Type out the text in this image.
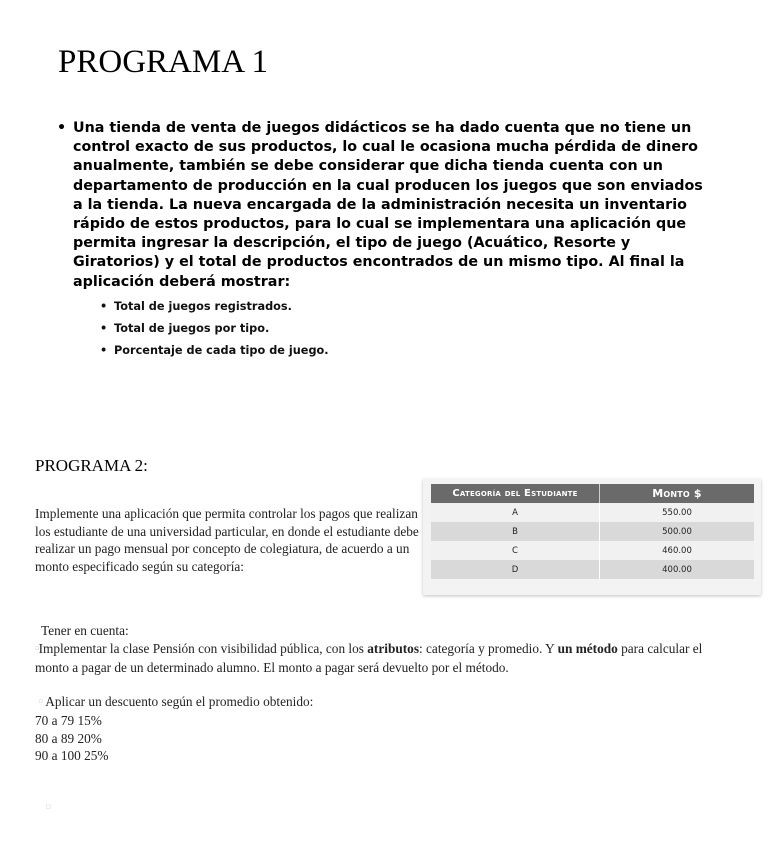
PROGRAMA 1
• Una tienda de venta de juegos didácticos se ha dado cuenta que no tiene un control exacto de sus productos, lo cual le ocasiona mucha pérdida de dinero anualmente, también se debe considerar que dicha tienda cuenta con un departamento de producción en la cual producen los juegos que son enviados a la tienda. La nueva encargada de la administración necesita un inventario rápido de estos productos, para lo cual se implementara una aplicación que permita ingresar la descripción, el tipo de juego (Acuático, Resorte y Giratorios) y el total de productos encontrados de un mismo tipo. Al final la aplicación deberá mostrar:
• Total de juegos registrados.
• Total de juegos por tipo.
• Porcentaje de cada tipo de juego.
PROGRAMA 2:

Implemente una aplicación que permita controlar los pagos que realizan los estudiante de una universidad particular, en donde el estudiante debe realizar un pago mensual por concepto de colegiatura, de acuerdo a un monto especificado según su categoría:

Categoría del Estudiante	Monto $
A	550.00
B	500.00
C	460.00
D	400.00

Tener en cuenta:

□Implementar la clase Pensión con visibilidad pública, con los atributos: categoría y promedio. Y un método para calcular el monto a pagar de un determinado alumno. El monto a pagar será devuelto por el método.

□ Aplicar un descuento según el promedio obtenido:

70 a 79 15%
80 a 89 20%
90 a 100 25%
□
